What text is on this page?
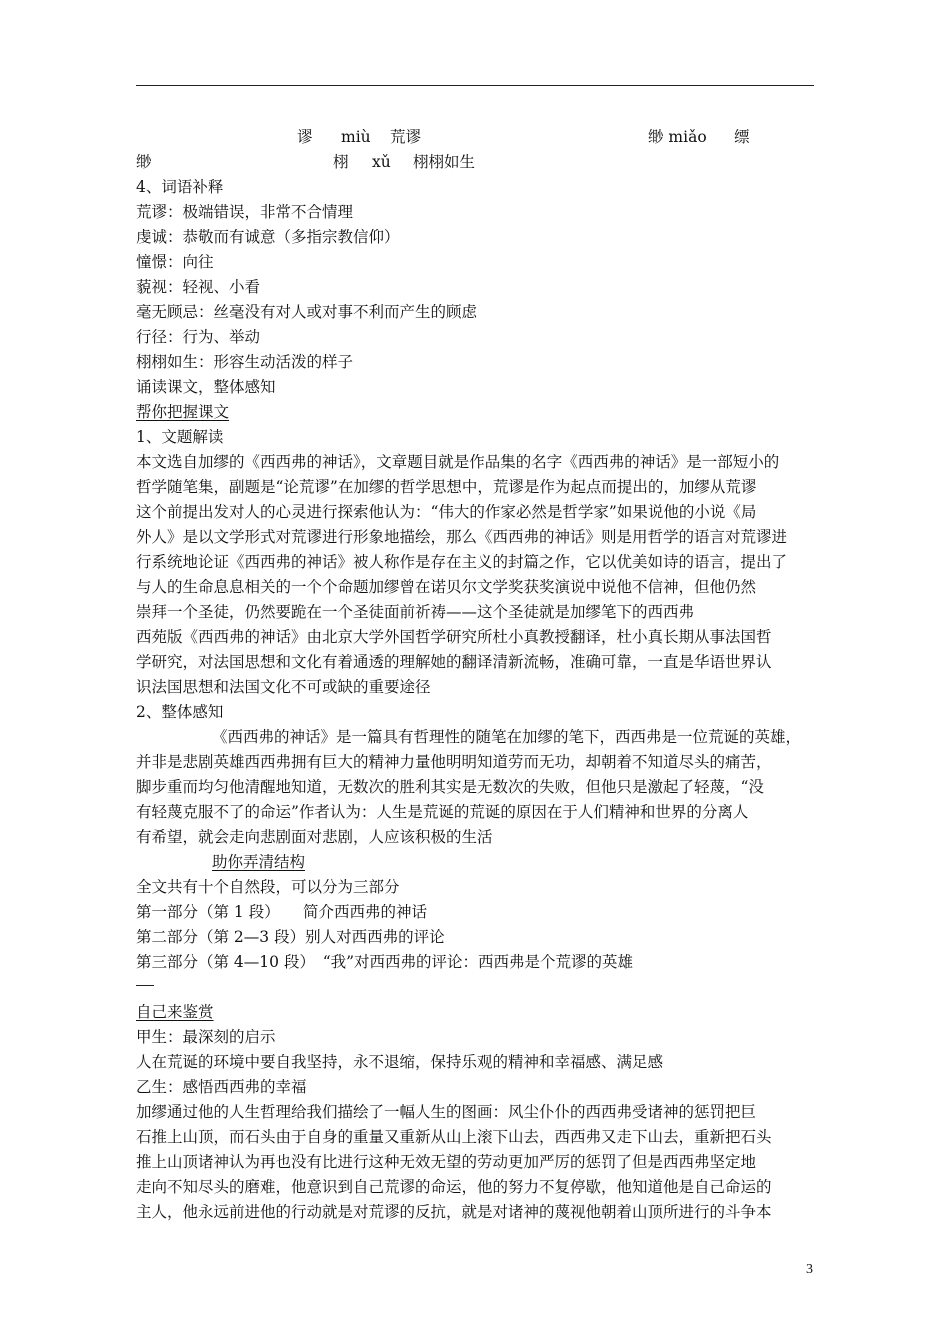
谬 miù 荒谬	缈 miǎo 缥
缈	栩 xǔ 栩栩如生
4、词语补释
荒谬：极端错误，非常不合情理
虔诚：恭敬而有诚意（多指宗教信仰）
憧憬：向往
藐视：轻视、小看
毫无顾忌：丝毫没有对人或对事不利而产生的顾虑
行径：行为、举动
栩栩如生：形容生动活泼的样子
诵读课文，整体感知
帮你把握课文
1、文题解读
本文选自加缪的《西西弗的神话》，文章题目就是作品集的名字《西西弗的神话》是一部短小的
哲学随笔集，副题是“论荒谬”在加缪的哲学思想中，荒谬是作为起点而提出的，加缪从荒谬
这个前提出发对人的心灵进行探索他认为：“伟大的作家必然是哲学家”如果说他的小说《局
外人》是以文学形式对荒谬进行形象地描绘，那么《西西弗的神话》则是用哲学的语言对荒谬进
行系统地论证《西西弗的神话》被人称作是存在主义的封篇之作，它以优美如诗的语言，提出了
与人的生命息息相关的一个个命题加缪曾在诺贝尔文学奖获奖演说中说他不信神，但他仍然
崇拜一个圣徒，仍然要跪在一个圣徒面前祈祷——这个圣徒就是加缪笔下的西西弗
西苑版《西西弗的神话》由北京大学外国哲学研究所杜小真教授翻译，杜小真长期从事法国哲
学研究，对法国思想和文化有着通透的理解她的翻译清新流畅，准确可靠，一直是华语世界认
识法国思想和法国文化不可或缺的重要途径
2、整体感知
《西西弗的神话》是一篇具有哲理性的随笔在加缪的笔下，西西弗是一位荒诞的英雄，
并非是悲剧英雄西西弗拥有巨大的精神力量他明明知道劳而无功，却朝着不知道尽头的痛苦，
脚步重而均匀他清醒地知道，无数次的胜利其实是无数次的失败，但他只是激起了轻蔑，“没
有轻蔑克服不了的命运”作者认为：人生是荒诞的荒诞的原因在于人们精神和世界的分离人
有希望，就会走向悲剧面对悲剧，人应该积极的生活
助你弄清结构
全文共有十个自然段，可以分为三部分
第一部分（第 1 段）　　简介西西弗的神话
第二部分（第 2—3 段）别人对西西弗的评论
第三部分（第 4—10 段）　“我”对西西弗的评论：西西弗是个荒谬的英雄
自己来鉴赏
甲生：最深刻的启示
人在荒诞的环境中要自我坚持，永不退缩，保持乐观的精神和幸福感、满足感
乙生：感悟西西弗的幸福
加缪通过他的人生哲理给我们描绘了一幅人生的图画：风尘仆仆的西西弗受诸神的惩罚把巨
石推上山顶，而石头由于自身的重量又重新从山上滚下山去，西西弗又走下山去，重新把石头
推上山顶诸神认为再也没有比进行这种无效无望的劳动更加严厉的惩罚了但是西西弗坚定地
走向不知尽头的磨难，他意识到自己荒谬的命运，他的努力不复停歇，他知道他是自己命运的
主人，他永远前进他的行动就是对荒谬的反抗，就是对诸神的蔑视他朝着山顶所进行的斗争本
3
